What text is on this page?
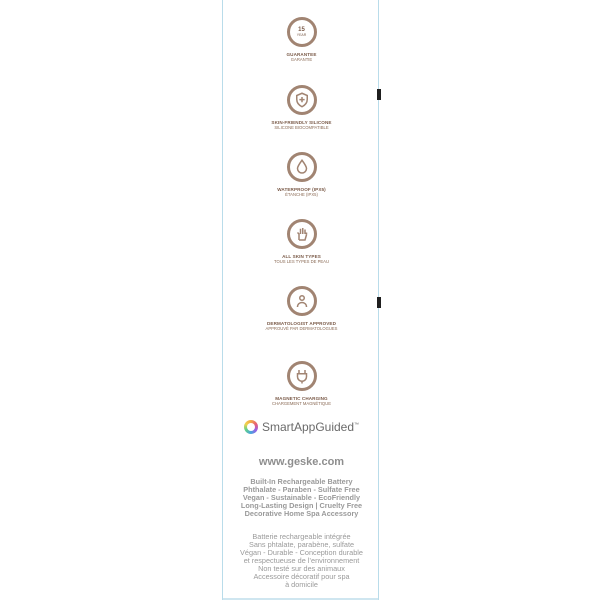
15
YEAR
GUARANTEE
GARANTIE
SKIN-FRIENDLY SILICONE
SILICONE BIOCOMPATIBLE
WATERPROOF (IPX5)
ÉTANCHE (IPX5)
ALL SKIN TYPES
TOUS LES TYPES DE PEAU
DERMATOLOGIST APPROVED
APPROUVÉ PAR DERMATOLOGUES
MAGNETIC CHARGING
CHARGEMENT MAGNÉTIQUE
SmartAppGuided™
www.geske.com
Built-In Rechargeable Battery
Phthalate - Paraben - Sulfate Free
Vegan - Sustainable - EcoFriendly
Long-Lasting Design | Cruelty Free
Decorative Home Spa Accessory
Batterie rechargeable intégrée
Sans phtalate, parabène, sulfate
Végan - Durable - Conception durable
et respectueuse de l’environnement
Non testé sur des animaux
Accessoire décoratif pour spa
à domicile
